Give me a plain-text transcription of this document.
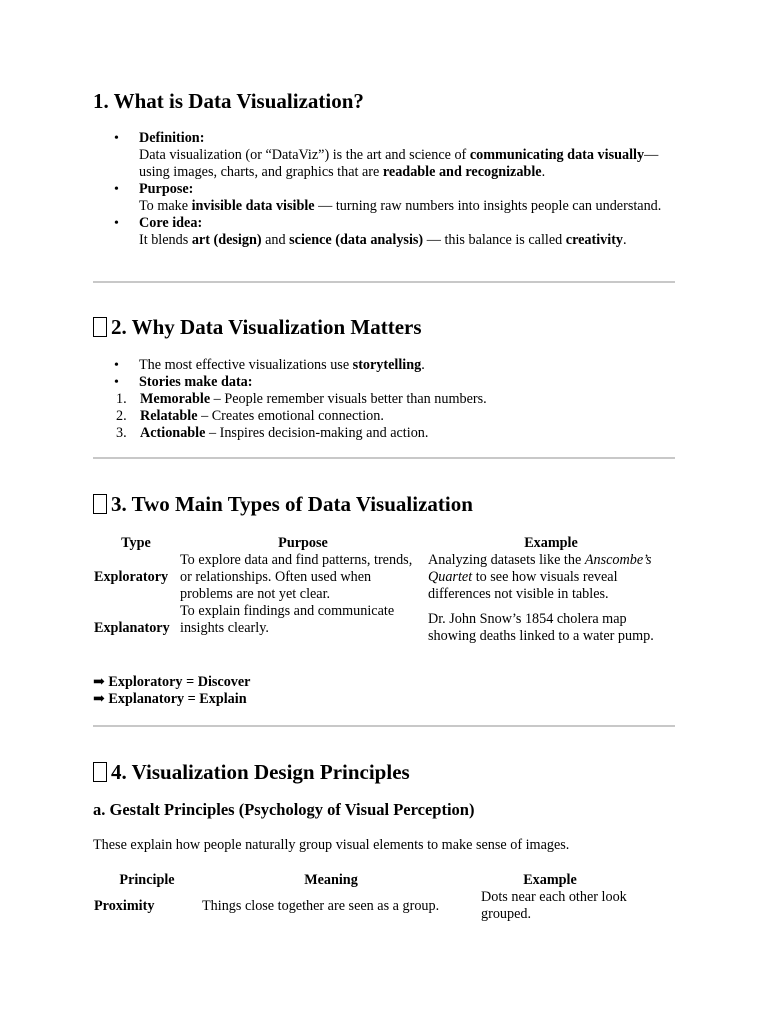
1. What is Data Visualization?
• Definition:
Data visualization (or “DataViz”) is the art and science of communicating data visually—using images, charts, and graphics that are readable and recognizable.
• Purpose:
To make invisible data visible — turning raw numbers into insights people can understand.
• Core idea:
It blends art (design) and science (data analysis) — this balance is called creativity.
2. Why Data Visualization Matters
• The most effective visualizations use storytelling.
• Stories make data:
1. Memorable – People remember visuals better than numbers.
2. Relatable – Creates emotional connection.
3. Actionable – Inspires decision-making and action.
3. Two Main Types of Data Visualization
Type	Purpose	Example
Exploratory	To explore data and find patterns, trends, or relationships. Often used when problems are not yet clear.	Analyzing datasets like the Anscombe’s Quartet to see how visuals reveal differences not visible in tables.
Explanatory	To explain findings and communicate insights clearly.	Dr. John Snow’s 1854 cholera map showing deaths linked to a water pump.
➡ Exploratory = Discover
➡ Explanatory = Explain
4. Visualization Design Principles
a. Gestalt Principles (Psychology of Visual Perception)
These explain how people naturally group visual elements to make sense of images.
Principle	Meaning	Example
Proximity	Things close together are seen as a group.	Dots near each other look grouped.
